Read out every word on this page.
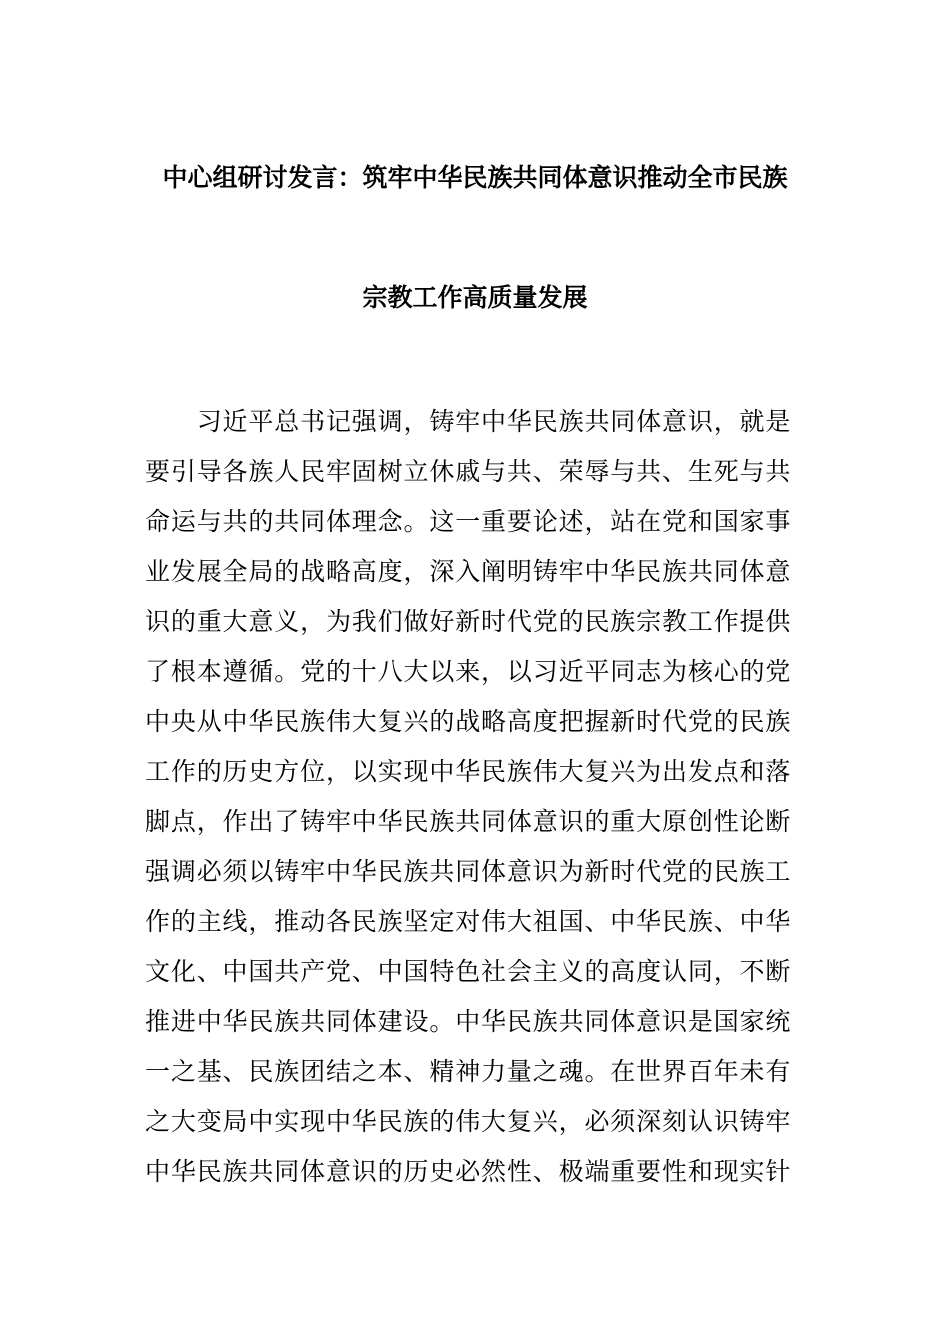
中心组研讨发言：筑牢中华民族共同体意识推动全市民族
宗教工作高质量发展
　　习近平总书记强调，铸牢中华民族共同体意识，就是
要引导各族人民牢固树立休戚与共、荣辱与共、生死与共
命运与共的共同体理念。这一重要论述，站在党和国家事
业发展全局的战略高度，深入阐明铸牢中华民族共同体意
识的重大意义，为我们做好新时代党的民族宗教工作提供
了根本遵循。党的十八大以来，以习近平同志为核心的党
中央从中华民族伟大复兴的战略高度把握新时代党的民族
工作的历史方位，以实现中华民族伟大复兴为出发点和落
脚点，作出了铸牢中华民族共同体意识的重大原创性论断
强调必须以铸牢中华民族共同体意识为新时代党的民族工
作的主线，推动各民族坚定对伟大祖国、中华民族、中华
文化、中国共产党、中国特色社会主义的高度认同，不断
推进中华民族共同体建设。中华民族共同体意识是国家统
一之基、民族团结之本、精神力量之魂。在世界百年未有
之大变局中实现中华民族的伟大复兴，必须深刻认识铸牢
中华民族共同体意识的历史必然性、极端重要性和现实针
